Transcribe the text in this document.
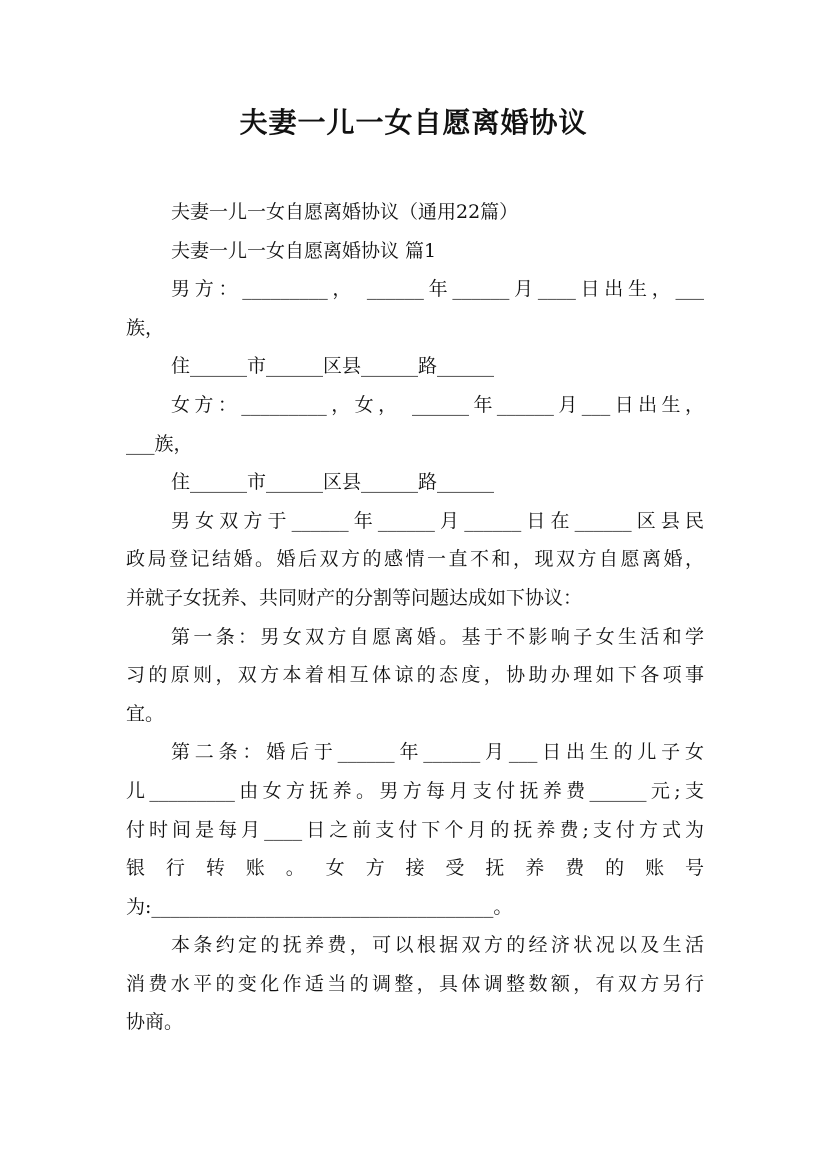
夫妻一儿一女自愿离婚协议
夫妻一儿一女自愿离婚协议（通用22篇）
夫妻一儿一女自愿离婚协议 篇1
男方：_________， ______年______月____日出生，___
族，
住______市______区县______路______
女方：_________，女， ______年______月___日出生，
___族，
住______市______区县______路______
男女双方于______年______月______日在______区县民
政局登记结婚。婚后双方的感情一直不和，现双方自愿离婚，
并就子女抚养、共同财产的分割等问题达成如下协议：
第一条：男女双方自愿离婚。基于不影响子女生活和学
习的原则，双方本着相互体谅的态度，协助办理如下各项事
宜。
第二条：婚后于______年______月___日出生的儿子女
儿_________由女方抚养。男方每月支付抚养费______元;支
付时间是每月____日之前支付下个月的抚养费;支付方式为
银 行 转 账 。 女 方 接 受 抚 养 费 的 账 号
为:____________________________________。
本条约定的抚养费，可以根据双方的经济状况以及生活
消费水平的变化作适当的调整，具体调整数额，有双方另行
协商。
